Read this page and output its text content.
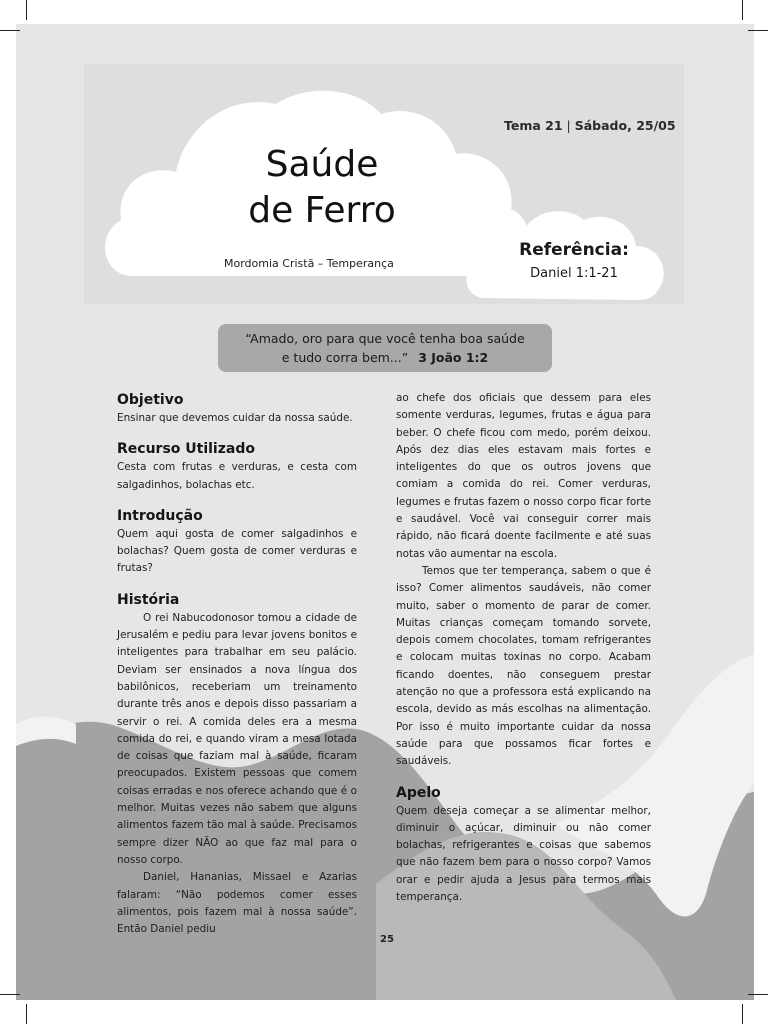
Tema 21 | Sábado, 25/05
Saúde
de Ferro
Mordomia Cristã – Temperança
Referência:
Daniel 1:1-21
“Amado, oro para que você tenha boa saúde
e tudo corra bem...” 3 João 1:2
Objetivo

Ensinar que devemos cuidar da nossa saúde.

Recurso Utilizado

Cesta com frutas e verduras, e cesta com salgadinhos, bolachas etc.

Introdução

Quem aqui gosta de comer salgadinhos e bolachas? Quem gosta de comer verduras e frutas?

História

O rei Nabucodonosor tomou a cidade de Jerusalém e pediu para levar jovens bonitos e inteligentes para trabalhar em seu palácio. Deviam ser ensinados a nova língua dos babilônicos, receberiam um treinamento durante três anos e depois disso passariam a servir o rei. A comida deles era a mesma comida do rei, e quando viram a mesa lotada de coisas que faziam mal à saúde, ficaram preocupados. Existem pessoas que comem coisas erradas e nos oferece achando que é o melhor. Muitas vezes não sabem que alguns alimentos fazem tão mal à saúde. Precisamos sempre dizer NÃO ao que faz mal para o nosso corpo.

Daniel, Hananias, Missael e Azarias falaram: “Não podemos comer esses alimentos, pois fazem mal à nossa saúde”. Então Daniel pediu

ao chefe dos oficiais que dessem para eles somente verduras, legumes, frutas e água para beber. O chefe ficou com medo, porém deixou. Após dez dias eles estavam mais fortes e inteligentes do que os outros jovens que comiam a comida do rei. Comer verduras, legumes e frutas fazem o nosso corpo ficar forte e saudável. Você vai conseguir correr mais rápido, não ficará doente facilmente e até suas notas vão aumentar na escola.

Temos que ter temperança, sabem o que é isso? Comer alimentos saudáveis, não comer muito, saber o momento de parar de comer. Muitas crianças começam tomando sorvete, depois comem chocolates, tomam refrigerantes e colocam muitas toxinas no corpo. Acabam ficando doentes, não conseguem prestar atenção no que a professora está explicando na escola, devido as más escolhas na alimentação. Por isso é muito importante cuidar da nossa saúde para que possamos ficar fortes e saudáveis.

Apelo

Quem deseja começar a se alimentar melhor, diminuir o açúcar, diminuir ou não comer bolachas, refrigerantes e coisas que sabemos que não fazem bem para o nosso corpo? Vamos orar e pedir ajuda a Jesus para termos mais temperança.

25
